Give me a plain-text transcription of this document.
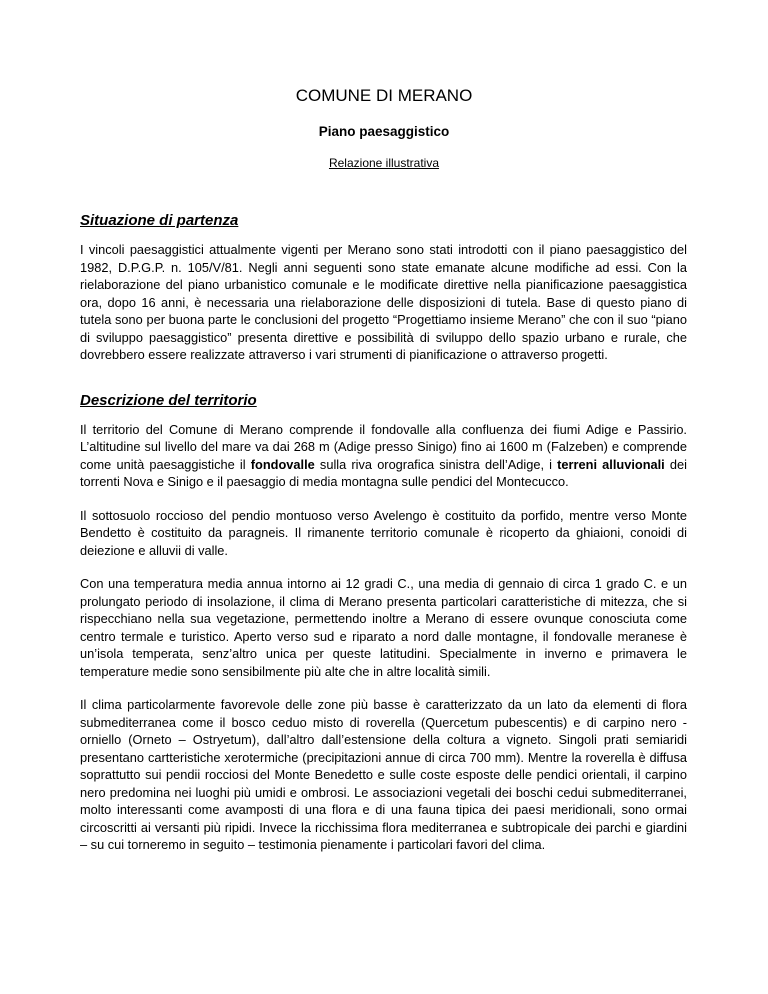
COMUNE DI MERANO
Piano paesaggistico

Relazione illustrativa

Situazione di partenza

I vincoli paesaggistici attualmente vigenti per Merano sono stati introdotti con il piano paesaggistico del 1982, D.P.G.P. n. 105/V/81. Negli anni seguenti sono state emanate alcune modifiche ad essi. Con la rielaborazione del piano urbanistico comunale e le modificate direttive nella pianificazione paesaggistica ora, dopo 16 anni, è necessaria una rielaborazione delle disposizioni di tutela. Base di questo piano di tutela sono per buona parte le conclusioni del progetto “Progettiamo insieme Merano” che con il suo “piano di sviluppo paesaggistico” presenta direttive e possibilità di sviluppo dello spazio urbano e rurale, che dovrebbero essere realizzate attraverso i vari strumenti di pianificazione o attraverso progetti.

Descrizione del territorio

Il territorio del Comune di Merano comprende il fondovalle alla confluenza dei fiumi Adige e Passirio. L’altitudine sul livello del mare va dai 268 m (Adige presso Sinigo) fino ai 1600 m (Falzeben) e comprende come unità paesaggistiche il fondovalle sulla riva orografica sinistra dell’Adige, i terreni alluvionali dei torrenti Nova e Sinigo e il paesaggio di media montagna sulle pendici del Montecucco.

Il sottosuolo roccioso del pendio montuoso verso Avelengo è costituito da porfido, mentre verso Monte Bendetto è costituito da paragneis. Il rimanente territorio comunale è ricoperto da ghiaioni, conoidi di deiezione e alluvii di valle.

Con una temperatura media annua intorno ai 12 gradi C., una media di gennaio di circa 1 grado C. e un prolungato periodo di insolazione, il clima di Merano presenta particolari caratteristiche di mitezza, che si rispecchiano nella sua vegetazione, permettendo inoltre a Merano di essere ovunque conosciuta come centro termale e turistico. Aperto verso sud e riparato a nord dalle montagne, il fondovalle meranese è un’isola temperata, senz’altro unica per queste latitudini. Specialmente in inverno e primavera le temperature medie sono sensibilmente più alte che in altre località simili.

Il clima particolarmente favorevole delle zone più basse è caratterizzato da un lato da elementi di flora submediterranea come il bosco ceduo misto di roverella (Quercetum pubescentis) e di carpino nero - orniello (Orneto – Ostryetum), dall’altro dall’estensione della coltura a vigneto. Singoli prati semiaridi presentano cartteristiche xerotermiche (precipitazioni annue di circa 700 mm). Mentre la roverella è diffusa soprattutto sui pendii rocciosi del Monte Benedetto e sulle coste esposte delle pendici orientali, il carpino nero predomina nei luoghi più umidi e ombrosi. Le associazioni vegetali dei boschi cedui submediterranei, molto interessanti come avamposti di una flora e di una fauna tipica dei paesi meridionali, sono ormai circoscritti ai versanti più ripidi. Invece la ricchissima flora mediterranea e subtropicale dei parchi e giardini – su cui torneremo in seguito – testimonia pienamente i particolari favori del clima.
